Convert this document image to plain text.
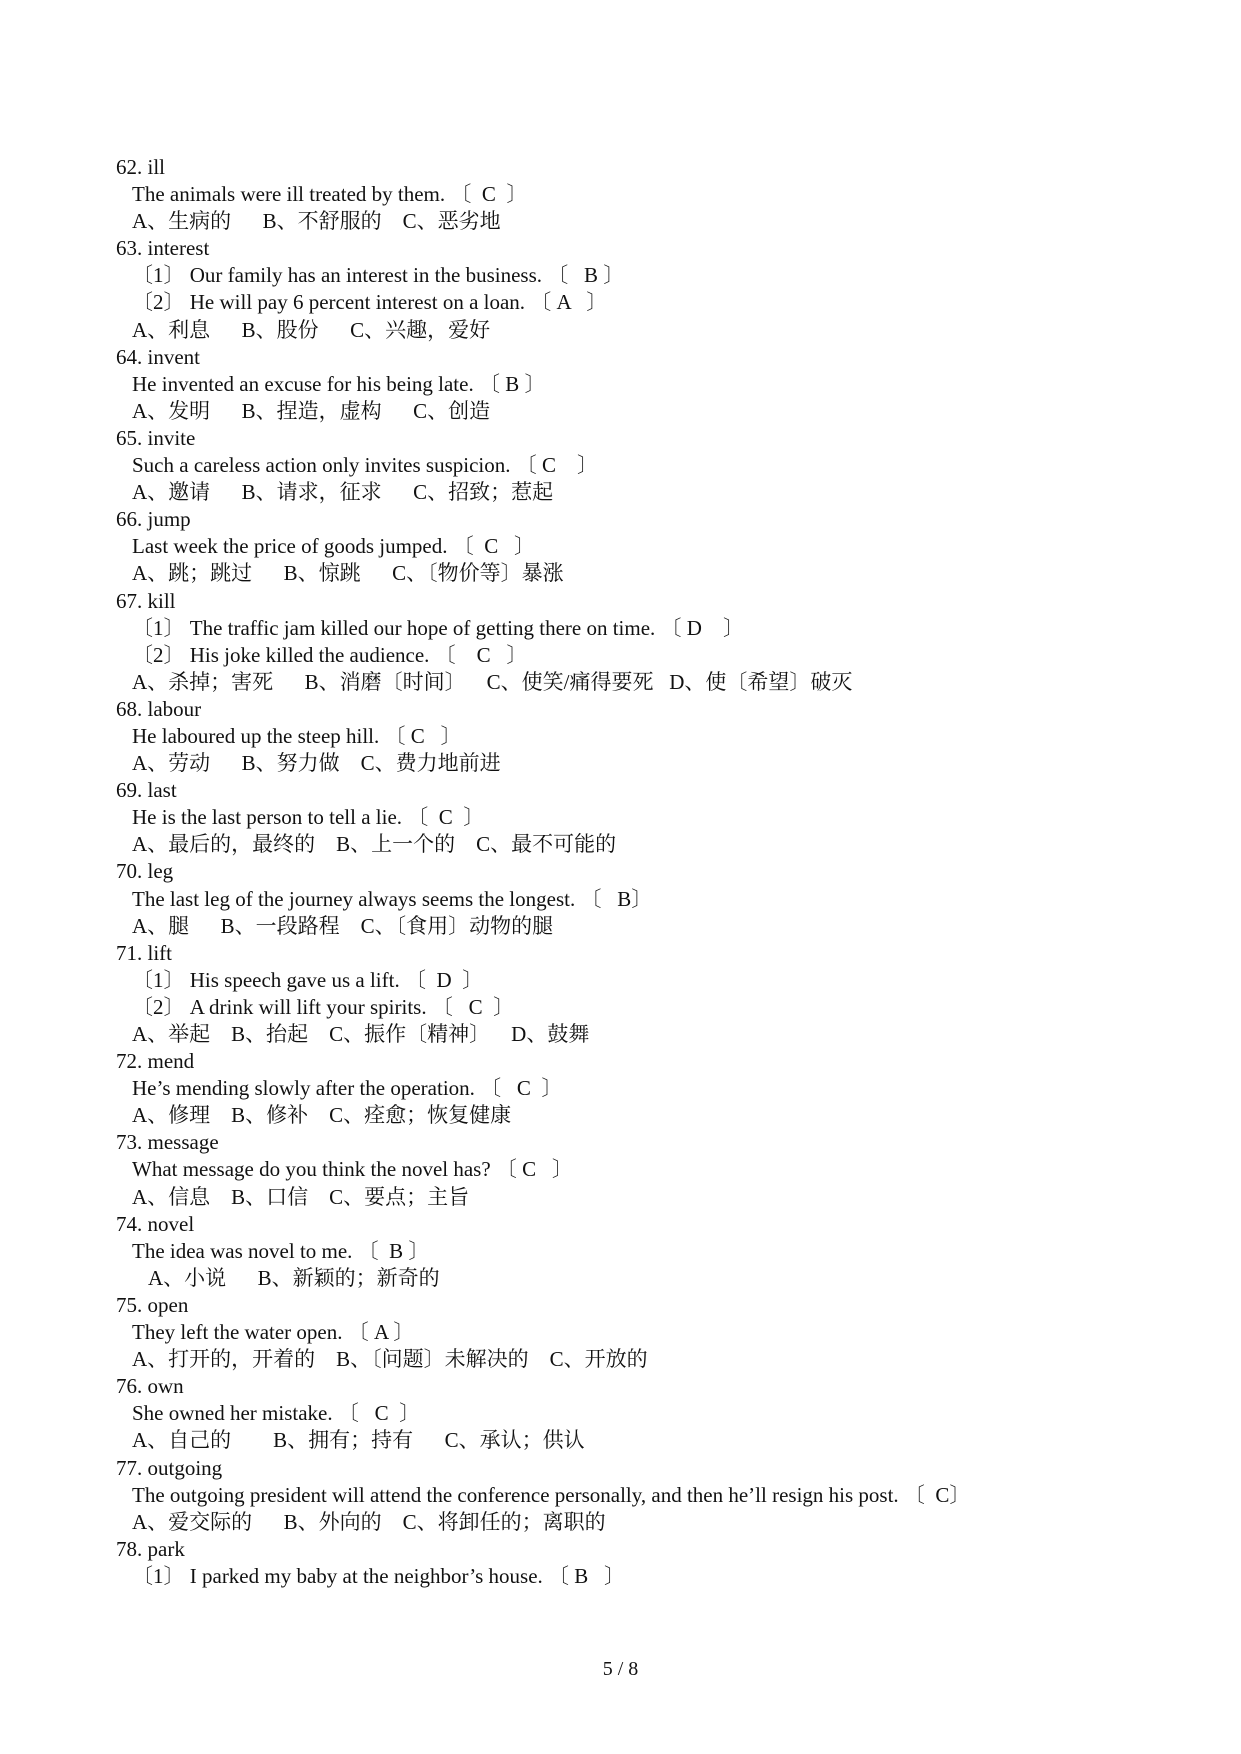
62. ill
The animals were ill treated by them. 〔  C  〕
A、生病的      B、不舒服的    C、恶劣地
63. interest
〔1〕 Our family has an interest in the business. 〔   B 〕
〔2〕 He will pay 6 percent interest on a loan. 〔 A   〕
A、利息      B、股份      C、兴趣，爱好
64. invent
He invented an excuse for his being late. 〔 B 〕
A、发明      B、捏造，虚构      C、创造
65. invite
Such a careless action only invites suspicion. 〔 C    〕
A、邀请      B、请求，征求      C、招致；惹起
66. jump
Last week the price of goods jumped. 〔  C   〕
A、跳；跳过      B、惊跳      C、〔物价等〕暴涨
67. kill
〔1〕 The traffic jam killed our hope of getting there on time. 〔 D    〕
〔2〕 His joke killed the audience. 〔    C   〕
A、杀掉；害死      B、消磨〔时间〕    C、使笑/痛得要死   D、使〔希望〕破灭
68. labour
He laboured up the steep hill. 〔 C   〕
A、劳动      B、努力做    C、费力地前进
69. last
He is the last person to tell a lie. 〔  C  〕
A、最后的，最终的    B、上一个的    C、最不可能的
70. leg
The last leg of the journey always seems the longest. 〔   B〕
A、腿      B、一段路程    C、〔食用〕动物的腿
71. lift
〔1〕 His speech gave us a lift. 〔  D  〕
〔2〕 A drink will lift your spirits. 〔   C  〕
A、举起    B、抬起    C、振作〔精神〕    D、鼓舞
72. mend
He’s mending slowly after the operation. 〔   C  〕
A、修理    B、修补    C、痊愈；恢复健康
73. message
What message do you think the novel has? 〔 C   〕
A、信息    B、口信    C、要点；主旨
74. novel
The idea was novel to me. 〔  B 〕
A、小说      B、新颖的；新奇的
75. open
They left the water open. 〔 A 〕
A、打开的，开着的    B、〔问题〕未解决的    C、开放的
76. own
She owned her mistake. 〔   C  〕
A、自己的        B、拥有；持有      C、承认；供认
77. outgoing
The outgoing president will attend the conference personally, and then he’ll resign his post. 〔  C〕
A、爱交际的      B、外向的    C、将卸任的；离职的
78. park
〔1〕 I parked my baby at the neighbor’s house. 〔 B   〕
5 / 8
